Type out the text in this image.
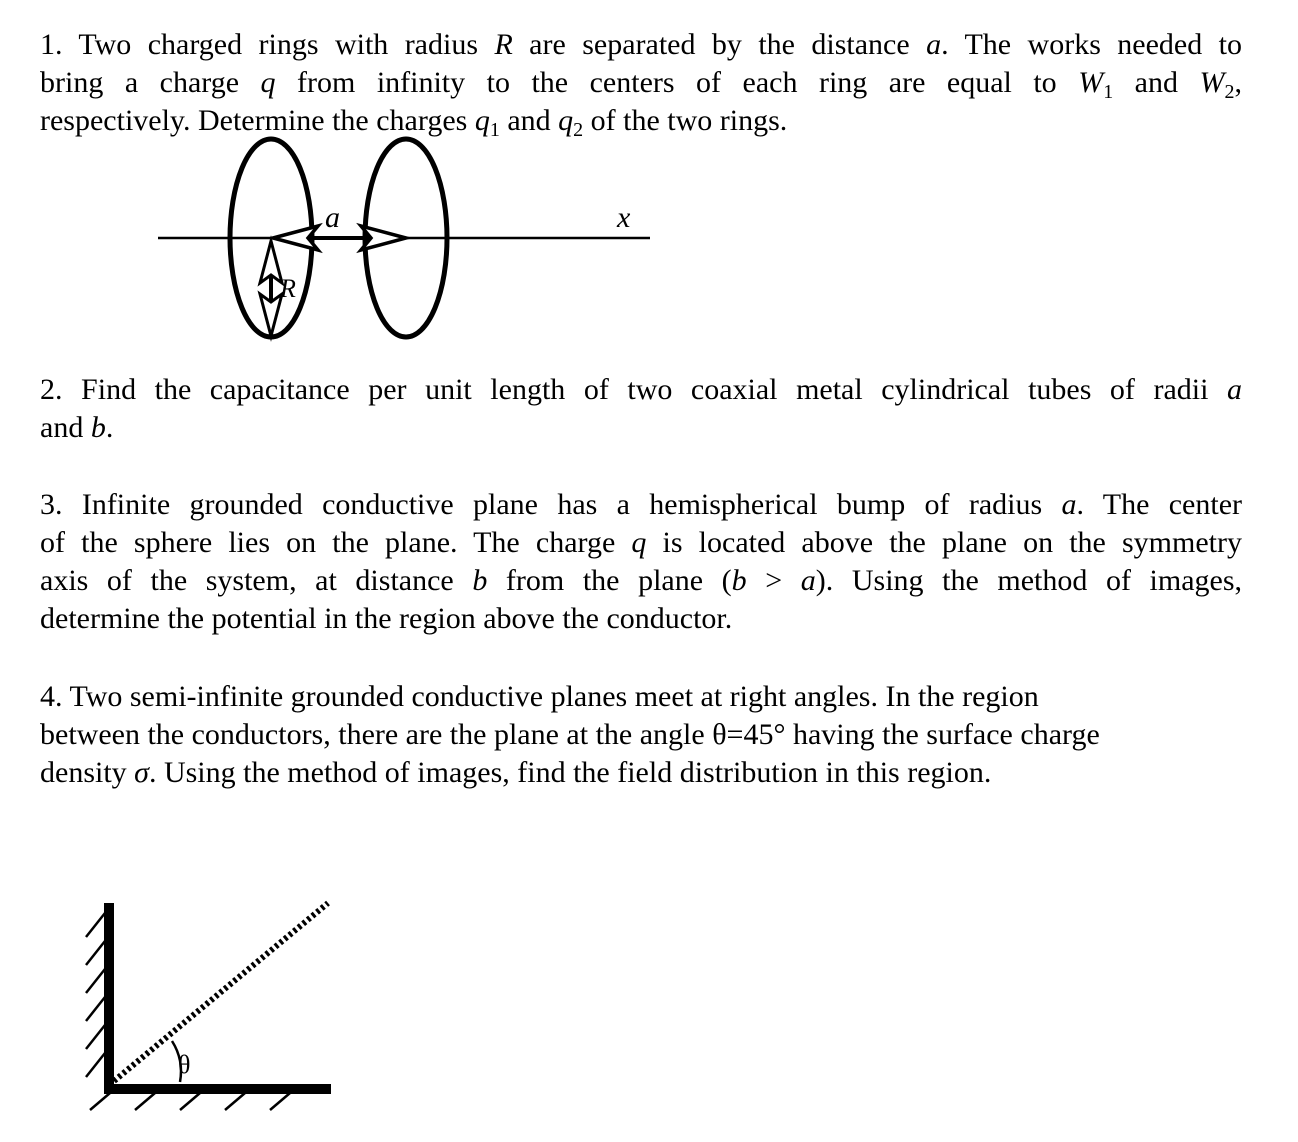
1. Two charged rings with radius R are separated by the distance a. The works needed to
bring a charge q from infinity to the centers of each ring are equal to $W_1$ and $W_2$,
respectively. Determine the charges $q_1$ and $q_2$ of the two rings.
a	x
R
2. Find the capacitance per unit length of two coaxial metal cylindrical tubes of radii a
and b.
3. Infinite grounded conductive plane has a hemispherical bump of radius a. The center
of the sphere lies on the plane. The charge q is located above the plane on the symmetry
axis of the system, at distance b from the plane (b > a). Using the method of images,
determine the potential in the region above the conductor.
4. Two semi-infinite grounded conductive planes meet at right angles. In the region
between the conductors, there are the plane at the angle θ=45° having the surface charge
density σ. Using the method of images, find the field distribution in this region.
θ
